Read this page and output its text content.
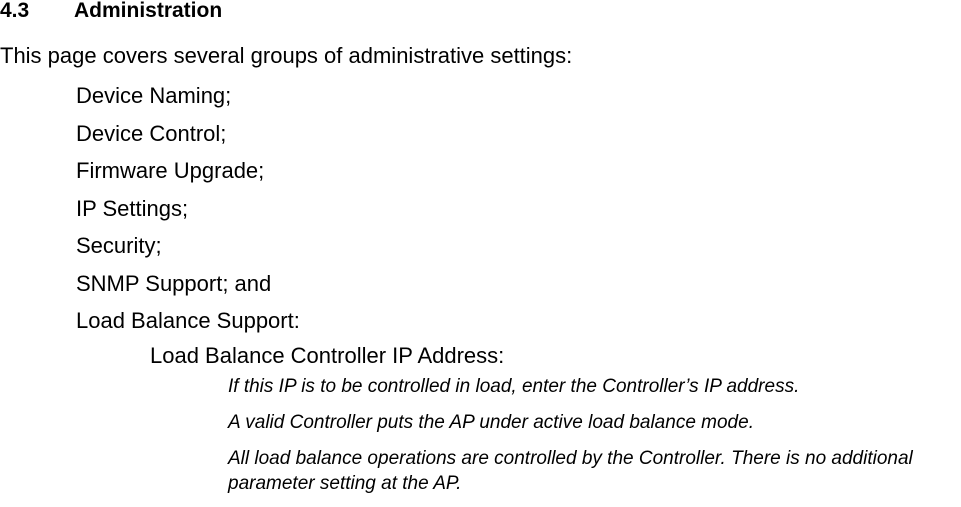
4.3 Administration
This page covers several groups of administrative settings:
Device Naming;
Device Control;
Firmware Upgrade;
IP Settings;
Security;
SNMP Support; and
Load Balance Support:
Load Balance Controller IP Address:

If this IP is to be controlled in load, enter the Controller’s IP address.

A valid Controller puts the AP under active load balance mode.

All load balance operations are controlled by the Controller. There is no additional parameter setting at the AP.
